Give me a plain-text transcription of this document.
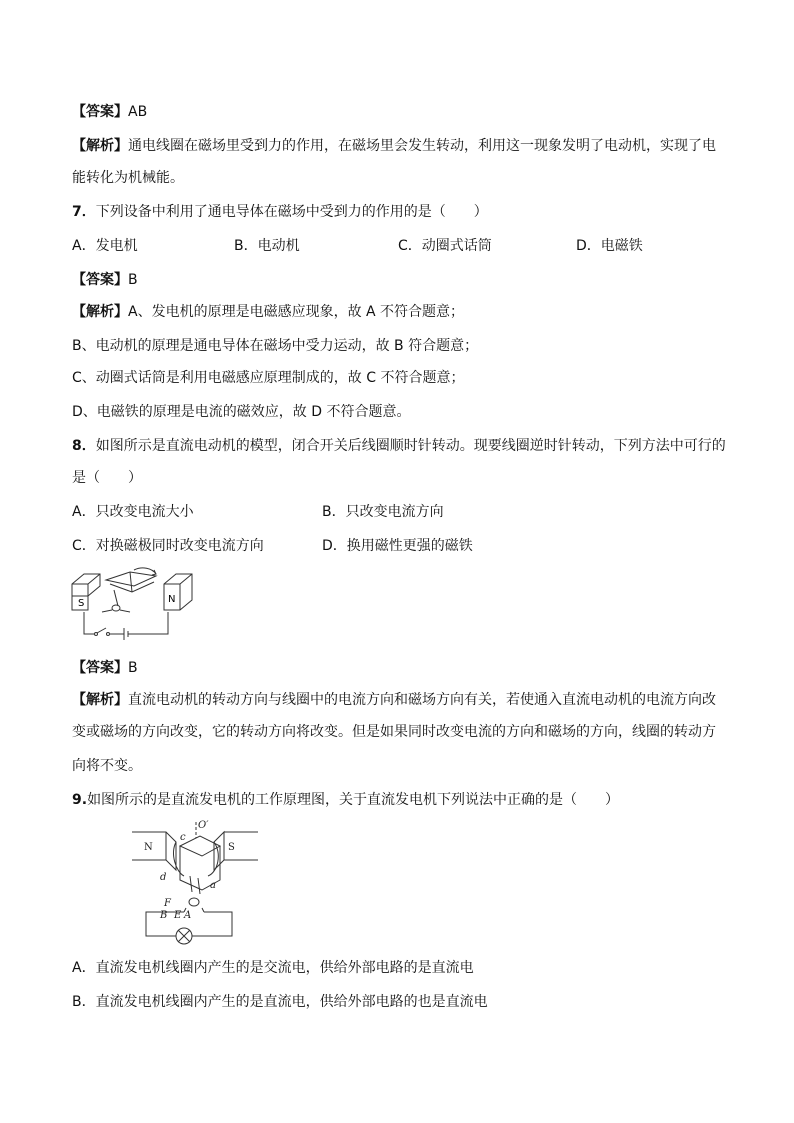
【答案】AB
【解析】通电线圈在磁场里受到力的作用，在磁场里会发生转动，利用这一现象发明了电动机，实现了电
能转化为机械能。
7．下列设备中利用了通电导体在磁场中受到力的作用的是（　　）
A．发电机	B．电动机	C．动圈式话筒	D．电磁铁
【答案】B
【解析】A、发电机的原理是电磁感应现象，故 A 不符合题意；
B、电动机的原理是通电导体在磁场中受力运动，故 B 符合题意；
C、动圈式话筒是利用电磁感应原理制成的，故 C 不符合题意；
D、电磁铁的原理是电流的磁效应，故 D 不符合题意。
8．如图所示是直流电动机的模型，闭合开关后线圈顺时针转动。现要线圈逆时针转动，下列方法中可行的
是（　　）
A．只改变电流大小	B．只改变电流方向
C．对换磁极同时改变电流方向	D．换用磁性更强的磁铁
S	N
【答案】B
【解析】直流电动机的转动方向与线圈中的电流方向和磁场方向有关，若使通入直流电动机的电流方向改
变或磁场的方向改变，它的转动方向将改变。但是如果同时改变电流的方向和磁场的方向，线圈的转动方
向将不变。
9.如图所示的是直流发电机的工作原理图，关于直流发电机下列说法中正确的是（　　）
N	S
O′
c
d
a
F
B E A
A．直流发电机线圈内产生的是交流电，供给外部电路的是直流电
B．直流发电机线圈内产生的是直流电，供给外部电路的也是直流电
